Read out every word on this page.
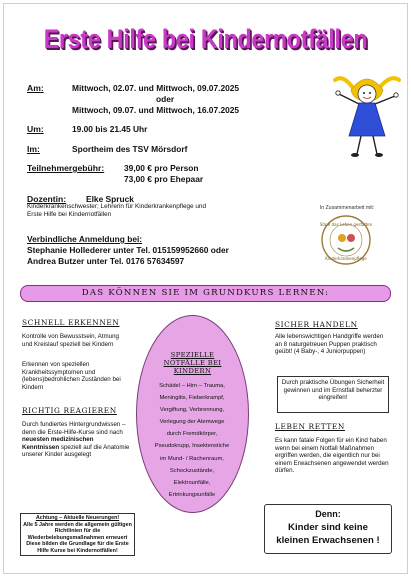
Erste Hilfe bei Kindernotfällen
Am:	Mittwoch, 02.07. und Mittwoch, 09.07.2025
oder
Mittwoch, 09.07. und Mittwoch, 16.07.2025
Um:	19.00 bis 21.45 Uhr
Im:	Sportheim des TSV Mörsdorf
Teilnehmergebühr: 39,00 € pro Person
73,00 € pro Ehepaar
Dozentin: Elke Spruck
Kinderkrankenschwester; Lehrerin für Kinderkrankenpflege und
Erste Hilfe bei Kindernotfällen
Verbindliche Anmeldung bei:
Stephanie Hollederer unter Tel. 015159952660 oder
Andrea Butzer unter Tel. 0176 57634597
In Zusammenarbeit mit:
Stark das Leben gestalten
Kinderkrankenpflege
DAS KÖNNEN SIE IM GRUNDKURS LERNEN:
SCHNELL ERKENNEN
Kontrolle von Bewusstsein, Atmung und Kreislauf speziell bei Kindern
Erkennen von speziellen Krankheitssymptomen und (lebens)bedrohlichen Zuständen bei Kindern
RICHTIG REAGIEREN
Durch fundiertes Hintergrundwissen – denn die Erste-Hilfe-Kurse sind nach neuesten medizinischen Kenntnissen speziell auf die Anatomie unserer Kinder ausgelegt
SPEZIELLE NOTFÄLLE BEI KINDERN
Schädel – Hirn – Trauma,
Meningitis, Fieberkrampf,
Vergiftung, Verbrennung,
Verlegung der Atemwege
durch Fremdkörper,
Pseudokrupp, Insektenstiche
im Mund- / Rachenraum,
Schockzustände,
Elektrounfälle,
Ertrinkungsunfälle
SICHER HANDELN
Alle lebenswichtigen Handgriffe werden an 8 naturgetreuen Puppen praktisch geübt! (4 Baby-, 4 Juniorpuppen)
Durch praktische Übungen Sicherheit gewinnen und im Ernstfall beherzter eingreifen!
LEBEN RETTEN
Es kann fatale Folgen für ein Kind haben wenn bei einem Notfall Maßnahmen ergriffen werden, die eigentlich nur bei einem Erwachsenen angewendet werden dürfen.
Achtung – Aktuelle Neuerungen!
Alle 5 Jahre werden die allgemein gültigen Richtlinien für die Wiederbelebungsmaßnahmen erneuert Diese bilden die Grundlage für die Erste Hilfe Kurse bei Kindernotfällen!
Denn:
Kinder sind keine
kleinen Erwachsenen !
